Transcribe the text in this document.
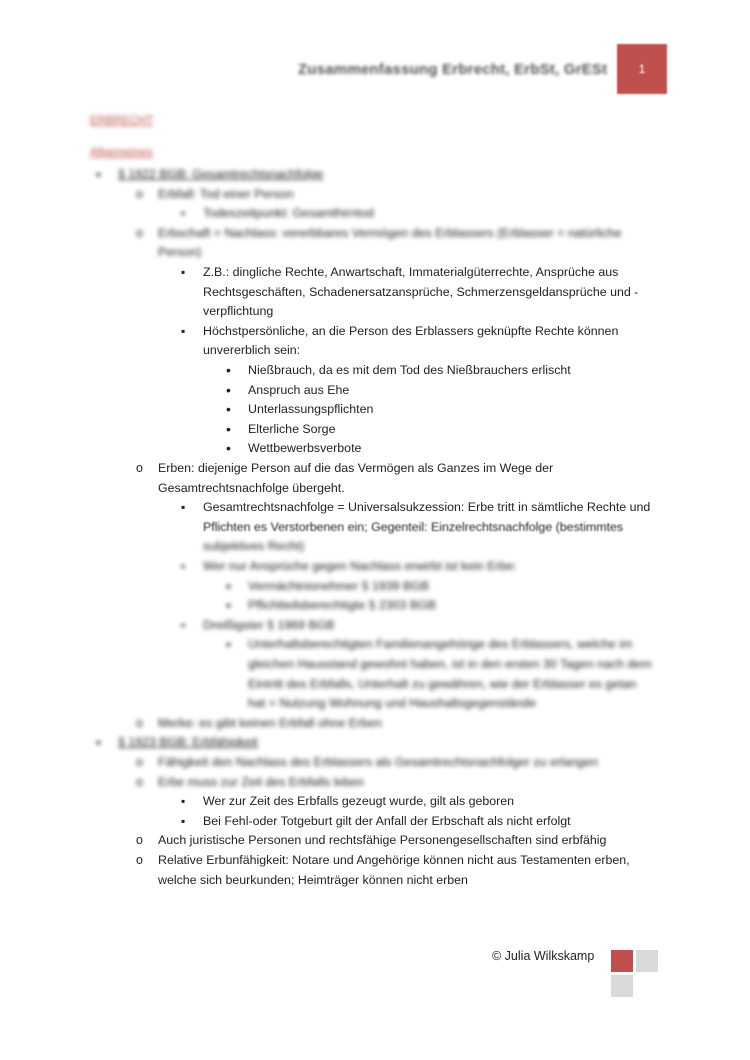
Zusammenfassung Erbrecht, ErbSt, GrESt	1
ERBRECHT
Allgemeines
•
§ 1922 BGB: Gesamtrechtsnachfolge
o
Erbfall: Tod einer Person
▪
Todeszeitpunkt: Gesamthirntod
o
Erbschaft = Nachlass: vererbbares Vermögen des Erblassers (Erblasser = natürliche
Person)
▪
Z.B.: dingliche Rechte, Anwartschaft, Immaterialgüterrechte, Ansprüche aus
Rechtsgeschäften, Schadenersatzansprüche, Schmerzensgeldansprüche und -
verpflichtung
▪
Höchstpersönliche, an die Person des Erblassers geknüpfte Rechte können
unvererblich sein:
•
Nießbrauch, da es mit dem Tod des Nießbrauchers erlischt
•
Anspruch aus Ehe
•
Unterlassungspflichten
•
Elterliche Sorge
•
Wettbewerbsverbote
o
Erben: diejenige Person auf die das Vermögen als Ganzes im Wege der
Gesamtrechtsnachfolge übergeht.
▪
Gesamtrechtsnachfolge = Universalsukzession: Erbe tritt in sämtliche Rechte und
Pflichten es Verstorbenen ein; Gegenteil: Einzelrechtsnachfolge (bestimmtes
subjektives Recht)
▪
Wer nur Ansprüche gegen Nachlass erwirbt ist kein Erbe:
•
Vermächtnisnehmer § 1939 BGB
•
Pflichtteilsberechtigte § 2303 BGB
▪
Dreißigster § 1969 BGB
•
Unterhaltsberechtigten Familienangehörige des Erblassers, welche im
gleichen Hausstand gewohnt haben, ist in den ersten 30 Tagen nach dem
Eintritt des Erbfalls, Unterhalt zu gewähren, wie der Erblasser es getan
hat = Nutzung Wohnung und Haushaltsgegenstände
o
Merke: es gibt keinen Erbfall ohne Erben
•
§ 1923 BGB: Erbfähigkeit
o
Fähigkeit den Nachlass des Erblassers als Gesamtrechtsnachfolger zu erlangen
o
Erbe muss zur Zeit des Erbfalls leben
▪
Wer zur Zeit des Erbfalls gezeugt wurde, gilt als geboren
▪
Bei Fehl-oder Totgeburt gilt der Anfall der Erbschaft als nicht erfolgt
o
Auch juristische Personen und rechtsfähige Personengesellschaften sind erbfähig
o
Relative Erbunfähigkeit: Notare und Angehörige können nicht aus Testamenten erben,
welche sich beurkunden; Heimträger können nicht erben
© Julia Wilkskamp
